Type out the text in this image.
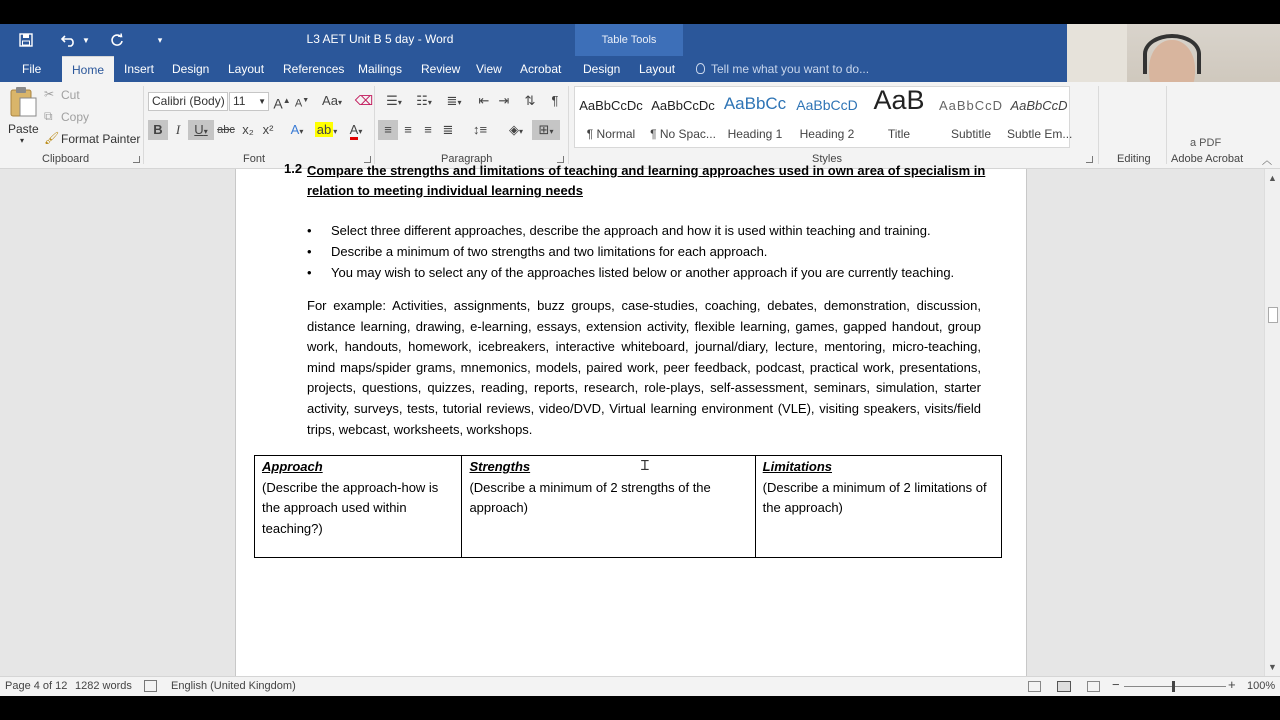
▼	▾	L3 AET Unit B 5 day - Word	Table Tools
File	Home	Insert Design Layout References Mailings Review View Acrobat Design Layout	Tell me what you want to do...
Paste
▾
✂ Cut
⧉ Copy
🖌 Format Painter
Clipboard
Calibri (Body) 11 ▼ A▲ A▼ Aa▾ ⌫
B	I	U▾ abc x₂ x²	A▾	ab ▾ A▾
Font
☰▾	☷▾	≣▾	⇤ ⇥	⇅	¶
≡ ≡ ≡ ≣	↕≡	◈▾	⊞▾
Paragraph
AaBbCcDc
¶ Normal
AaBbCcDc
¶ No Spac...
AaBbCc
Heading 1
AaBbCcD
Heading 2
AaB
Title
AaBbCcD
Subtitle
AaBbCcD
Subtle Em...
Styles	Editing
a PDF
Adobe Acrobat ︿
1.2 Compare the strengths and limitations of teaching and learning approaches used in own area of specialism in relation to meeting individual learning needs
• Select three different approaches, describe the approach and how it is used within teaching and training.
• Describe a minimum of two strengths and two limitations for each approach.
• You may wish to select any of the approaches listed below or another approach if you are currently teaching.
For example: Activities, assignments, buzz groups, case-studies, coaching, debates, demonstration, discussion, distance learning, drawing, e-learning, essays, extension activity, flexible learning, games, gapped handout, group work, handouts, homework, icebreakers, interactive whiteboard, journal/diary, lecture, mentoring, micro-teaching, mind maps/spider grams, mnemonics, models, paired work, peer feedback, podcast, practical work, presentations, projects, questions, quizzes, reading, reports, research, role-plays, self-assessment, seminars, simulation, starter activity, surveys, tests, tutorial reviews, video/DVD, Virtual learning environment (VLE), visiting speakers, visits/field trips, webcast, worksheets, workshops.
Approach
(Describe the approach-how is the approach used within teaching?)
Strengths
(Describe a minimum of 2 strengths of the approach)
Limitations
(Describe a minimum of 2 limitations of the approach)
Ɪ
▲
▼
Page 4 of 12 1282 words	English (United Kingdom)	−	+ 100%
